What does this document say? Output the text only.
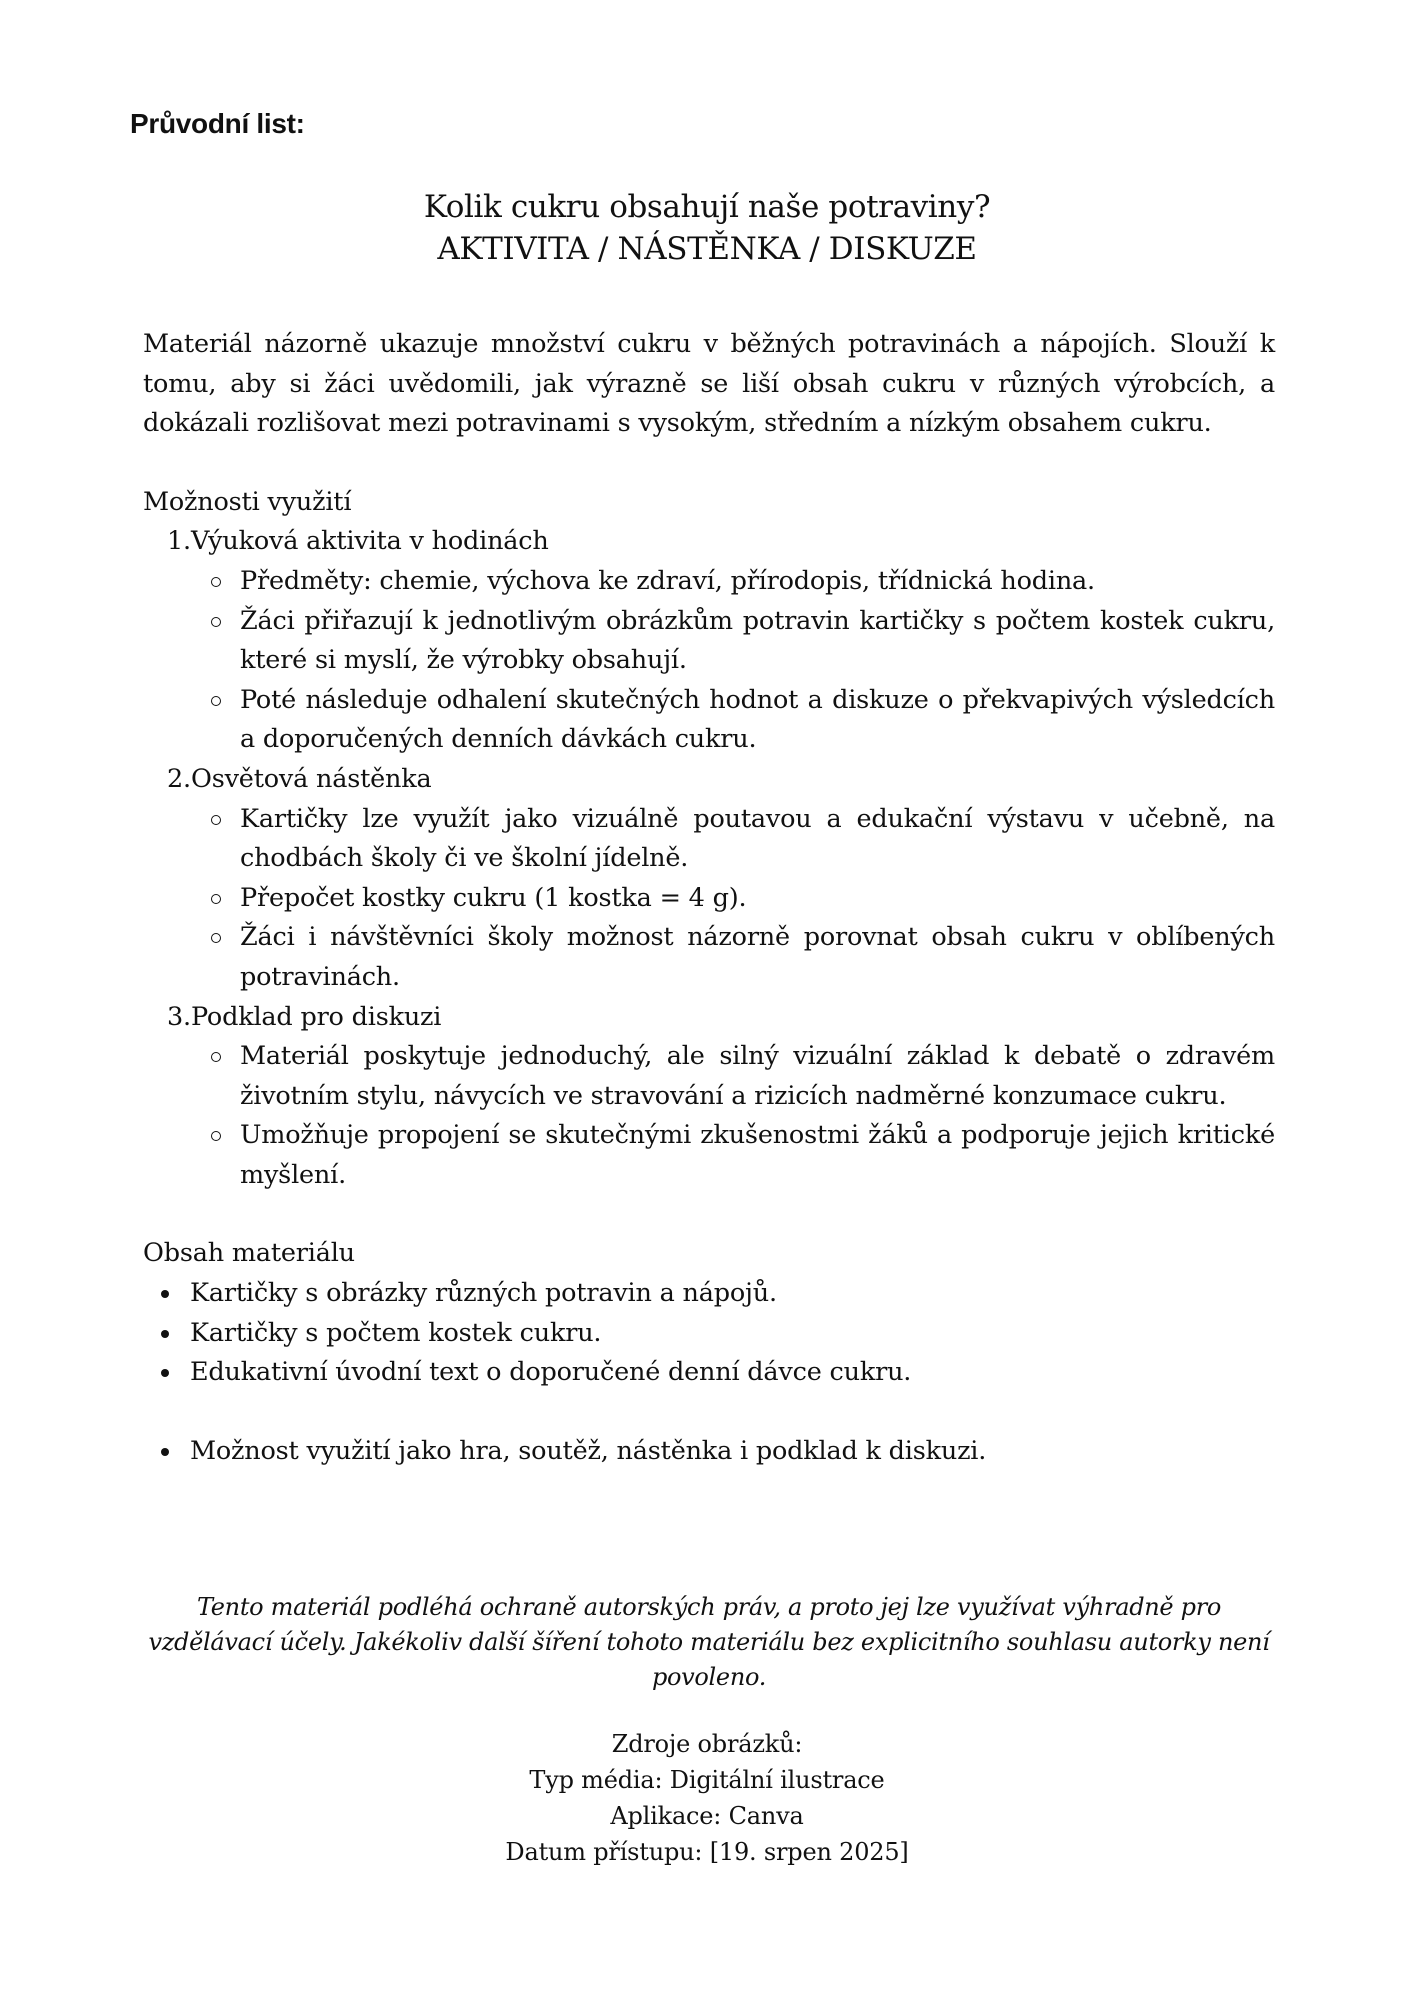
Průvodní list:
Kolik cukru obsahují naše potraviny?
AKTIVITA / NÁSTĚNKA / DISKUZE

Materiál názorně ukazuje množství cukru v běžných potravinách a nápojích. Slouží k tomu, aby si žáci uvědomili, jak výrazně se liší obsah cukru v různých výrobcích, a dokázali rozlišovat mezi potravinami s vysokým, středním a nízkým obsahem cukru.

Možnosti využití
1. Výuková aktivita v hodinách
Předměty: chemie, výchova ke zdraví, přírodopis, třídnická hodina.
Žáci přiřazují k jednotlivým obrázkům potravin kartičky s počtem kostek cukru, které si myslí, že výrobky obsahují.
Poté následuje odhalení skutečných hodnot a diskuze o překvapivých výsledcích a doporučených denních dávkách cukru.
2. Osvětová nástěnka
Kartičky lze využít jako vizuálně poutavou a edukační výstavu v učebně, na chodbách školy či ve školní jídelně.
Přepočet kostky cukru (1 kostka = 4 g).
Žáci i návštěvníci školy možnost názorně porovnat obsah cukru v oblíbených potravinách.
3. Podklad pro diskuzi
Materiál poskytuje jednoduchý, ale silný vizuální základ k debatě o zdravém životním stylu, návycích ve stravování a rizicích nadměrné konzumace cukru.
Umožňuje propojení se skutečnými zkušenostmi žáků a podporuje jejich kritické myšlení.
Obsah materiálu
Kartičky s obrázky různých potravin a nápojů.
Kartičky s počtem kostek cukru.
Edukativní úvodní text o doporučené denní dávce cukru.
Možnost využití jako hra, soutěž, nástěnka i podklad k diskuzi.
Tento materiál podléhá ochraně autorských práv, a proto jej lze využívat výhradně pro vzdělávací účely. Jakékoliv další šíření tohoto materiálu bez explicitního souhlasu autorky není povoleno.
Zdroje obrázků:
Typ média: Digitální ilustrace
Aplikace: Canva
Datum přístupu: [19. srpen 2025]
